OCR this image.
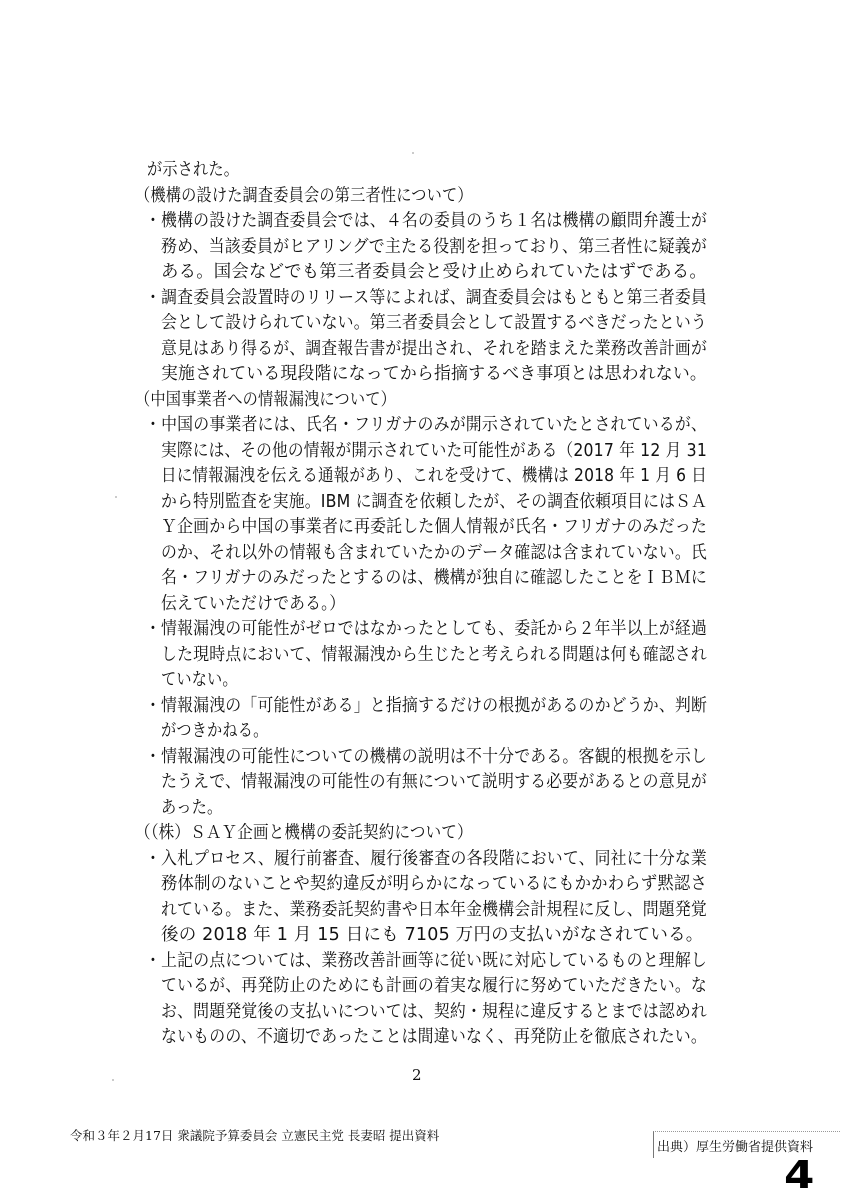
が示された。
（機構の設けた調査委員会の第三者性について）
・機構の設けた調査委員会では、４名の委員のうち１名は機構の顧問弁護士が
務め、当該委員がヒアリングで主たる役割を担っており、第三者性に疑義が
ある。国会などでも第三者委員会と受け止められていたはずである。
・調査委員会設置時のリリース等によれば、調査委員会はもともと第三者委員
会として設けられていない。第三者委員会として設置するべきだったという
意見はあり得るが、調査報告書が提出され、それを踏まえた業務改善計画が
実施されている現段階になってから指摘するべき事項とは思われない。
（中国事業者への情報漏洩について）
・中国の事業者には、氏名・フリガナのみが開示されていたとされているが、
実際には、その他の情報が開示されていた可能性がある（2017 年 12 月 31
日に情報漏洩を伝える通報があり、これを受けて、機構は 2018 年 1 月 6 日
から特別監査を実施。IBM に調査を依頼したが、その調査依頼項目にはＳＡ
Ｙ企画から中国の事業者に再委託した個人情報が氏名・フリガナのみだった
のか、それ以外の情報も含まれていたかのデータ確認は含まれていない。氏
名・フリガナのみだったとするのは、機構が独自に確認したことをＩＢＭに
伝えていただけである。）
・情報漏洩の可能性がゼロではなかったとしても、委託から２年半以上が経過
した現時点において、情報漏洩から生じたと考えられる問題は何も確認され
ていない。
・情報漏洩の「可能性がある」と指摘するだけの根拠があるのかどうか、判断
がつきかねる。
・情報漏洩の可能性についての機構の説明は不十分である。客観的根拠を示し
たうえで、情報漏洩の可能性の有無について説明する必要があるとの意見が
あった。
（（株）ＳＡＹ企画と機構の委託契約について）
・入札プロセス、履行前審査、履行後審査の各段階において、同社に十分な業
務体制のないことや契約違反が明らかになっているにもかかわらず黙認さ
れている。また、業務委託契約書や日本年金機構会計規程に反し、問題発覚
後の 2018 年 1 月 15 日にも 7105 万円の支払いがなされている。
・上記の点については、業務改善計画等に従い既に対応しているものと理解し
ているが、再発防止のためにも計画の着実な履行に努めていただきたい。な
お、問題発覚後の支払いについては、契約・規程に違反するとまでは認めれ
ないものの、不適切であったことは間違いなく、再発防止を徹底されたい。
2
令和３年２月17日 衆議院予算委員会 立憲民主党 長妻昭 提出資料
出典）厚生労働省提供資料
4
